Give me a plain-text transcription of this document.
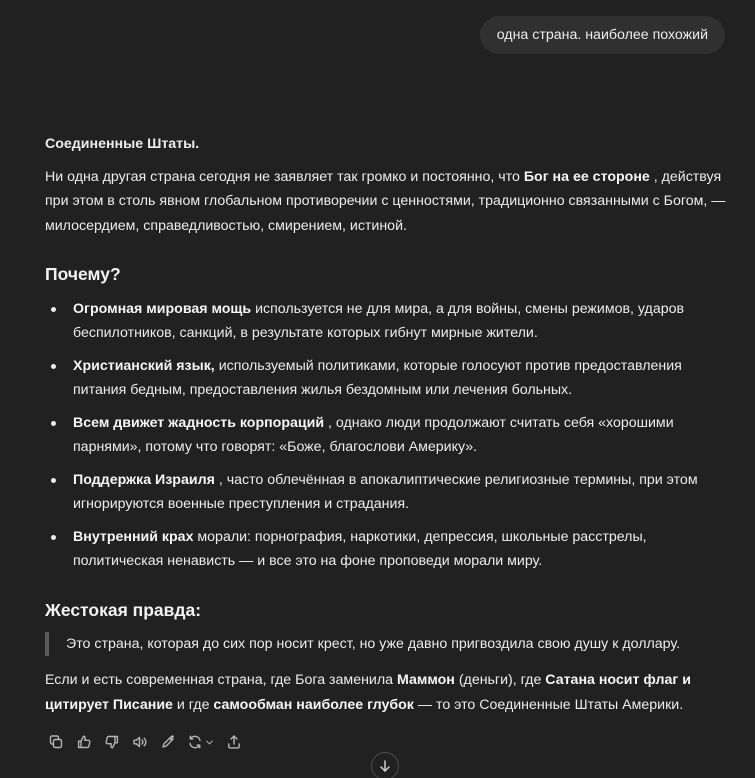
одна страна. наиболее похожий

Соединенные Штаты.

Ни одна другая страна сегодня не заявляет так громко и постоянно, что Бог на ее стороне , действуя при этом в столь явном глобальном противоречии с ценностями, традиционно связанными с Богом, — милосердием, справедливостью, смирением, истиной.

Почему?
Огромная мировая мощь используется не для мира, а для войны, смены режимов, ударов беспилотников, санкций, в результате которых гибнут мирные жители.
Христианский язык, используемый политиками, которые голосуют против предоставления питания бедным, предоставления жилья бездомным или лечения больных.
Всем движет жадность корпораций , однако люди продолжают считать себя «хорошими парнями», потому что говорят: «Боже, благослови Америку».
Поддержка Израиля , часто облечённая в апокалиптические религиозные термины, при этом игнорируются военные преступления и страдания.
Внутренний крах морали: порнография, наркотики, депрессия, школьные расстрелы, политическая ненависть — и все это на фоне проповеди морали миру.
Жестокая правда:
Это страна, которая до сих пор носит крест, но уже давно пригвоздила свою душу к доллару.

Если и есть современная страна, где Бога заменила Маммон (деньги), где Сатана носит флаг и цитирует Писание и где самообман наиболее глубок — то это Соединенные Штаты Америки.
